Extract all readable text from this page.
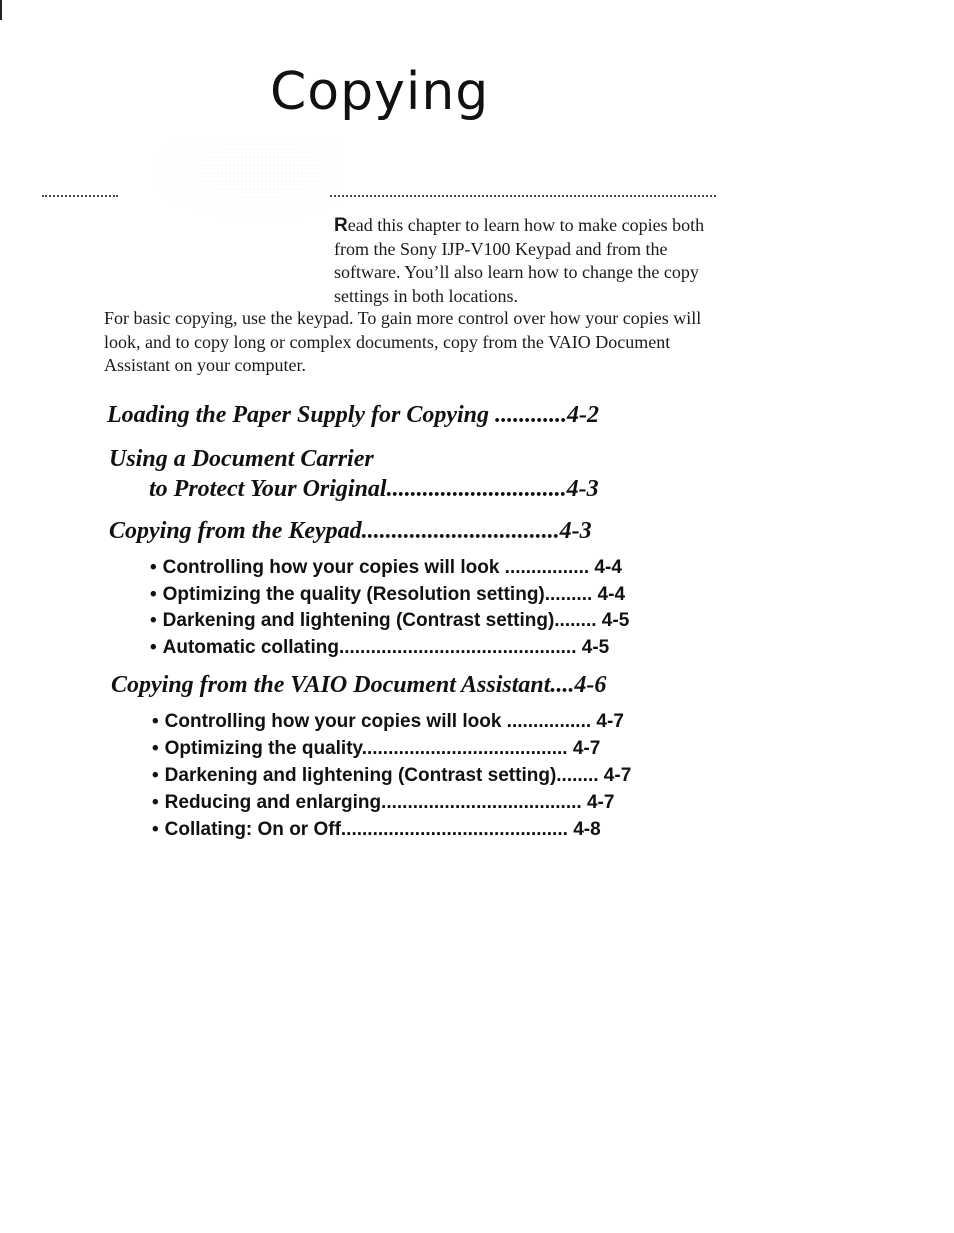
Copying
Read this chapter to learn how to make copies both from the Sony IJP-V100 Keypad and from the software. You’ll also learn how to change the copy settings in both locations.
For basic copying, use the keypad. To gain more control over how your copies will look, and to copy long or complex documents, copy from the VAIO Document Assistant on your computer.
Loading the Paper Supply for Copying ............4-2
Using a Document Carrier
to Protect Your Original..............................4-3
Copying from the Keypad.................................4-3
• Controlling how your copies will look ................ 4-4
• Optimizing the quality (Resolution setting)......... 4-4
• Darkening and lightening (Contrast setting)........ 4-5
• Automatic collating............................................. 4-5
Copying from the VAIO Document Assistant....4-6
• Controlling how your copies will look ................ 4-7
• Optimizing the quality....................................... 4-7
• Darkening and lightening (Contrast setting)........ 4-7
• Reducing and enlarging...................................... 4-7
• Collating: On or Off........................................... 4-8
